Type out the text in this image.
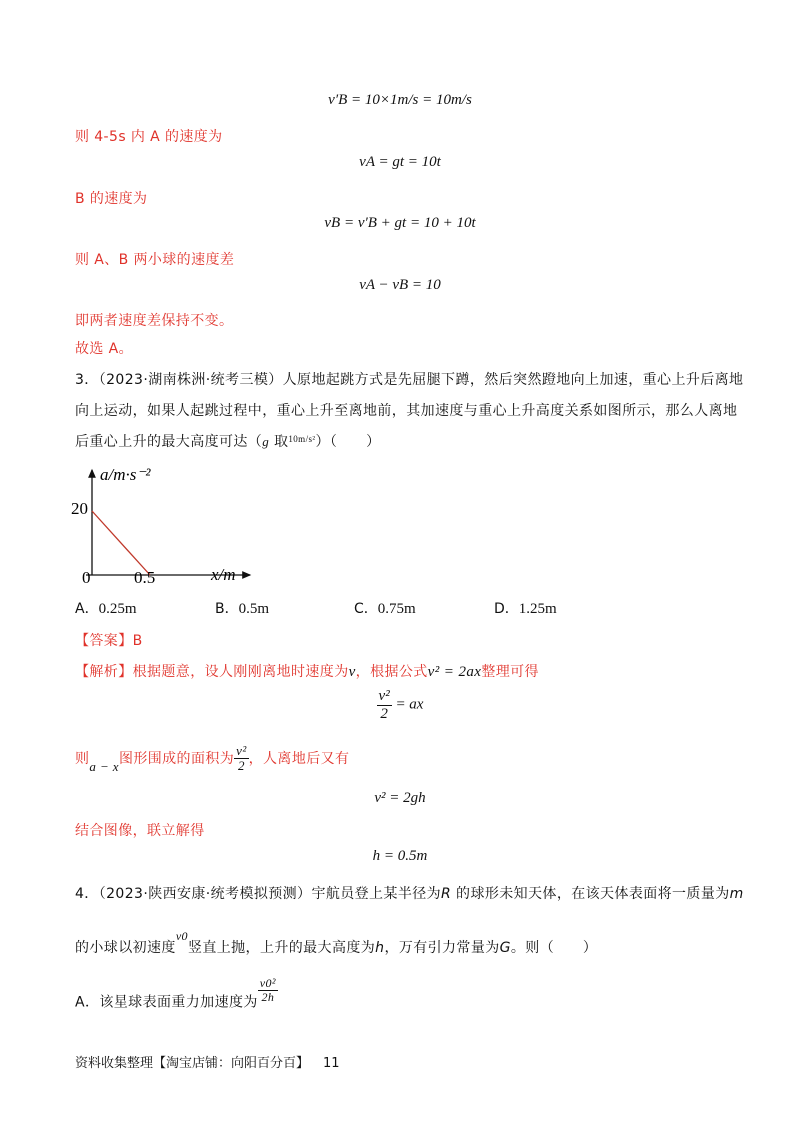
v′B = 10×1m/s = 10m/s
则 4-5s 内 A 的速度为
vA = gt = 10t
B 的速度为
vB = v′B + gt = 10 + 10t
则 A、B 两小球的速度差
vA − vB = 10
即两者速度差保持不变。
故选 A。
3．（2023·湖南株洲·统考三模）人原地起跳方式是先屈腿下蹲，然后突然蹬地向上加速，重心上升后离地
向上运动，如果人起跳过程中，重心上升至离地前，其加速度与重心上升高度关系如图所示，那么人离地
后重心上升的最大高度可达（g 取$^{10m/s^2}$）（　　）
a/m·s⁻²
20
0	0.5	x/m
A．0.25m	B．0.5m	C．0.75m	D．1.25m
【答案】B
【解析】根据题意，设人刚刚离地时速度为v，根据公式v² = 2ax整理可得
$\frac{\text{v²}}{2}$ = ax
则a − x图形围成的面积为 $\frac{\text{v²}}{2}$ ，人离地后又有
v² = 2gh
结合图像，联立解得
h = 0.5m
4．（2023·陕西安康·统考模拟预测）宇航员登上某半径为R 的球形未知天体，在该天体表面将一质量为m
的小球以初速度v0竖直上抛，上升的最大高度为h，万有引力常量为G。则（　　）
A．该星球表面重力加速度为 $\frac{\text{v0²}}{2h}$
资料收集整理【淘宝店铺：向阳百分百】 11
